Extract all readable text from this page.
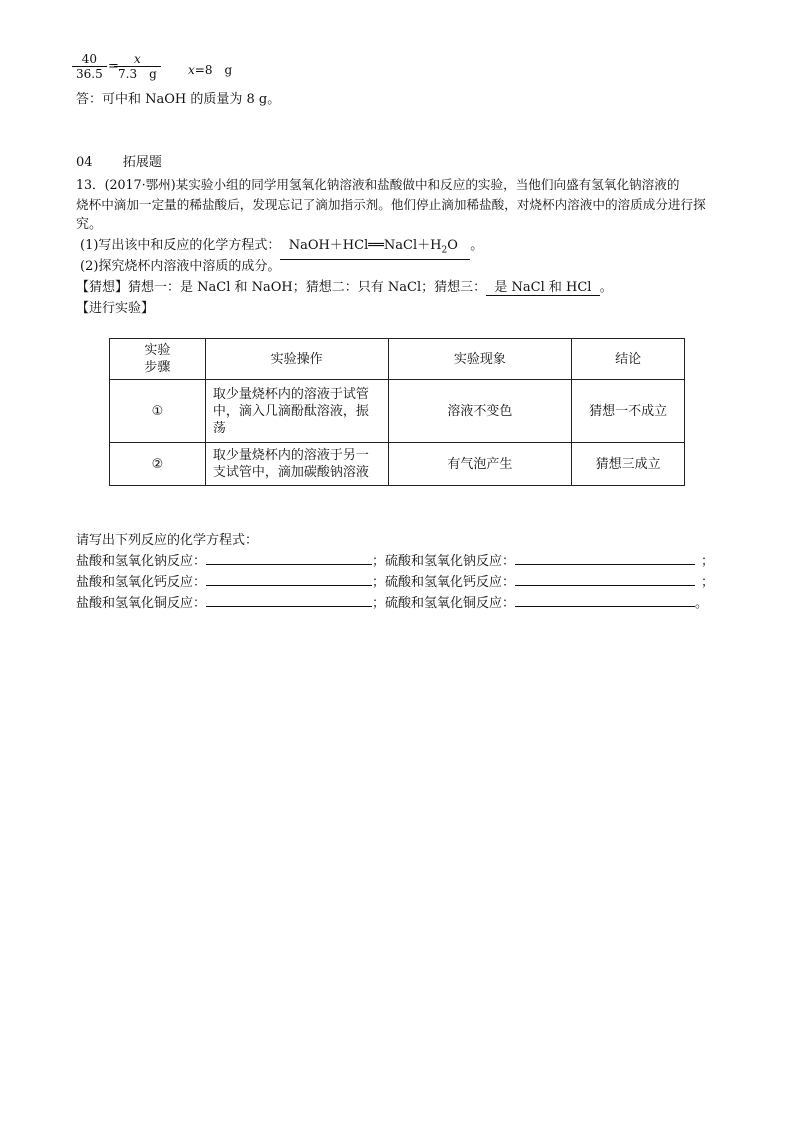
$\frac{40}{36.5}$ =
$\frac{x}{7.3 g} x=8$　g
答：可中和 NaOH 的质量为 8 g。
04 拓展题
13．(2017·鄂州)某实验小组的同学用氢氧化钠溶液和盐酸做中和反应的实验，当他们向盛有氢氧化钠溶液的
烧杯中滴加一定量的稀盐酸后，发现忘记了滴加指示剂。他们停止滴加稀盐酸，对烧杯内溶液中的溶质成分进行探
究。
(1)写出该中和反应的化学方程式： $NaOH+HCl══NaCl+H_2O$ 。
(2)探究烧杯内溶液中溶质的成分。
【猜想】猜想一：是 NaCl 和 NaOH；猜想二：只有 NaCl；猜想三： 是 NaCl 和 HCl 。
【进行实验】
实验
步骤	实验操作	实验现象	结论
①	取少量烧杯内的溶液于试管
中，滴入几滴酚酞溶液，振
荡	溶液不变色	猜想一不成立
②	取少量烧杯内的溶液于另一
支试管中，滴加碳酸钠溶液	有气泡产生	猜想三成立
请写出下列反应的化学方程式：
盐酸和氢氧化钠反应：	；硫酸和氢氧化钠反应：	；
盐酸和氢氧化钙反应：	；硫酸和氢氧化钙反应：	；
盐酸和氢氧化铜反应：	；硫酸和氢氧化铜反应：	。
